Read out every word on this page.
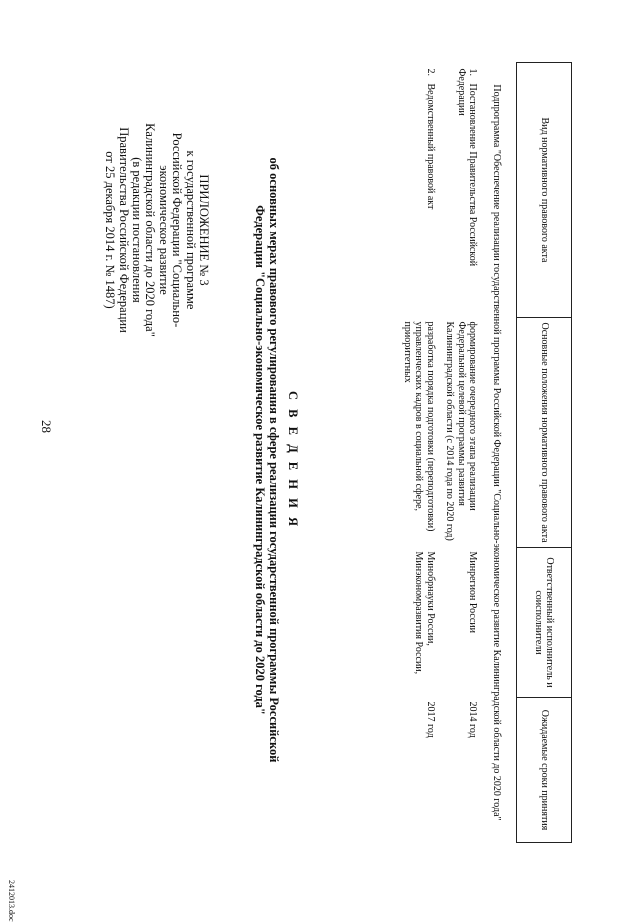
28
ПРИЛОЖЕНИЕ № 3
к государственной программе
Российской Федерации "Социально-
экономическое развитие
Калининградской области до 2020 года"
(в редакции постановления
Правительства Российской Федерации
от 25 декабря 2014 г. № 1487)
С В Е Д Е Н И Я
об основных мерах правового регулирования в сфере реализации государственной программы Российской
Федерации "Социально-экономическое развитие Калининградской области до 2020 года"
Вид нормативного правового акта	Основные положения нормативного правового акта	Ответственный исполнитель и соисполнители	Ожидаемые сроки принятия
Подпрограмма "Обеспечение реализации государственной программы Российской Федерации "Социально-экономическое развитие Калининградской области до 2020 года"			
1.   Постановление Правительства Российской Федерации	формирование очередного этапа реализации Федеральной целевой программы развития Калининградской области (с 2014 года по 2020 год)	Минрегион России	2014 год
2.   Ведомственный правовой акт	разработка порядка подготовки (переподготовки) управленческих кадров в социальной сфере, приоритетных	Минобрнауки России, Минэкономразвития России,	2017 год
2412013.doc
